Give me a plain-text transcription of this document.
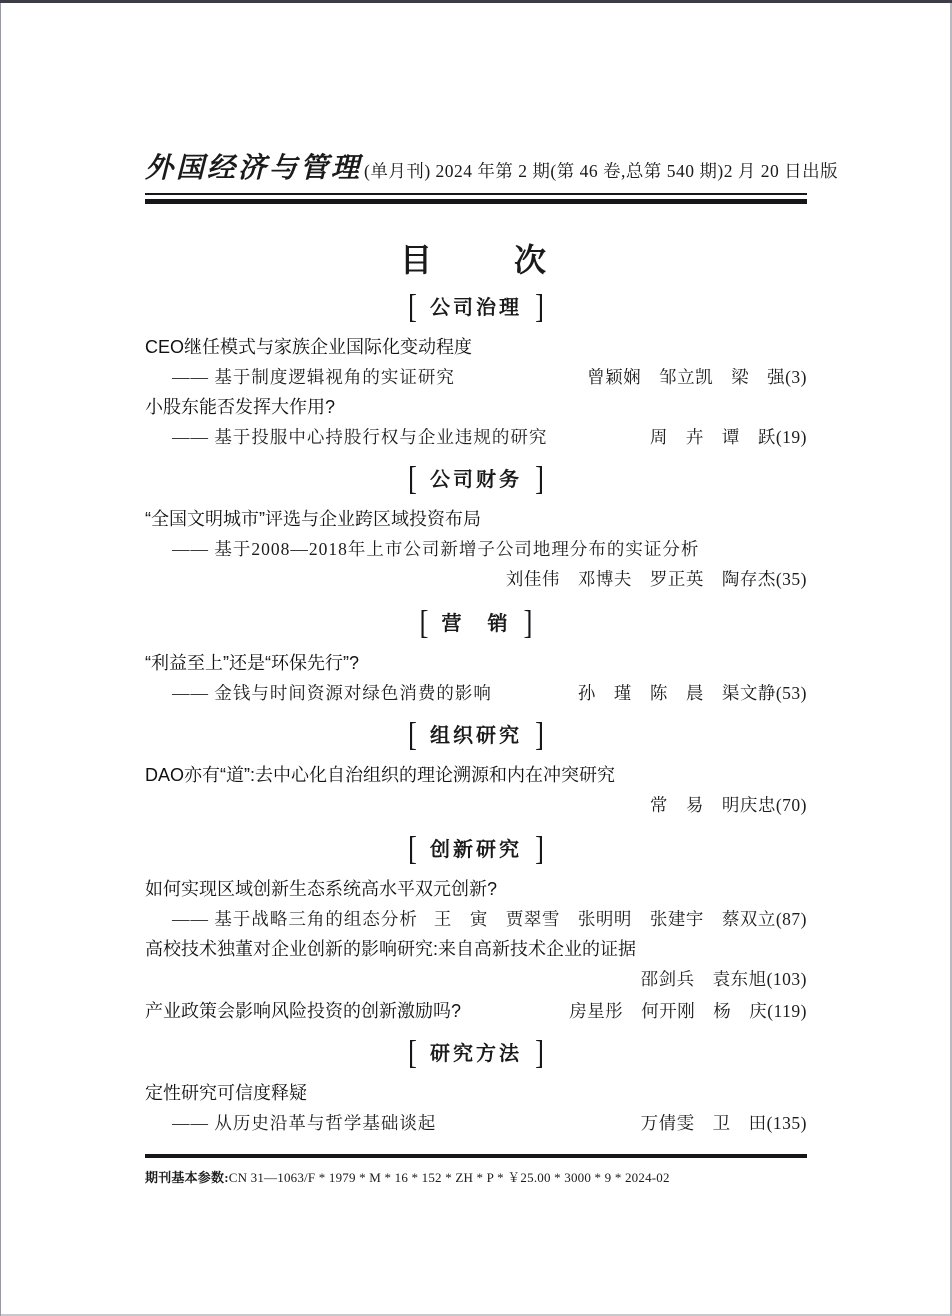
外国经济与管理 (单月刊) 2024 年第 2 期(第 46 卷,总第 540 期)2 月 20 日出版
目　　次
[ 公司治理 ]
CEO继任模式与家族企业国际化变动程度
—— 基于制度逻辑视角的实证研究	曾颖娴　邹立凯　梁　强(3)
小股东能否发挥大作用?
—— 基于投服中心持股行权与企业违规的研究	周　卉　谭　跃(19)
[ 公司财务 ]
“全国文明城市”评选与企业跨区域投资布局
—— 基于2008—2018年上市公司新增子公司地理分布的实证分析
刘佳伟　邓博夫　罗正英　陶存杰(35)
[ 营　销 ]
“利益至上”还是“环保先行”?
—— 金钱与时间资源对绿色消费的影响	孙　瑾　陈　晨　渠文静(53)
[ 组织研究 ]
DAO亦有“道”:去中心化自治组织的理论溯源和内在冲突研究
常　易　明庆忠(70)
[ 创新研究 ]
如何实现区域创新生态系统高水平双元创新?
—— 基于战略三角的组态分析 王　寅　贾翠雪　张明明　张建宇　蔡双立(87)
高校技术独董对企业创新的影响研究:来自高新技术企业的证据
邵剑兵　袁东旭(103)
产业政策会影响风险投资的创新激励吗?	房星彤　何开刚　杨　庆(119)
[ 研究方法 ]
定性研究可信度释疑
—— 从历史沿革与哲学基础谈起	万倩雯　卫　田(135)
期刊基本参数:CN 31—1063/F * 1979 * M * 16 * 152 * ZH * P * ￥25.00 * 3000 * 9 * 2024-02
